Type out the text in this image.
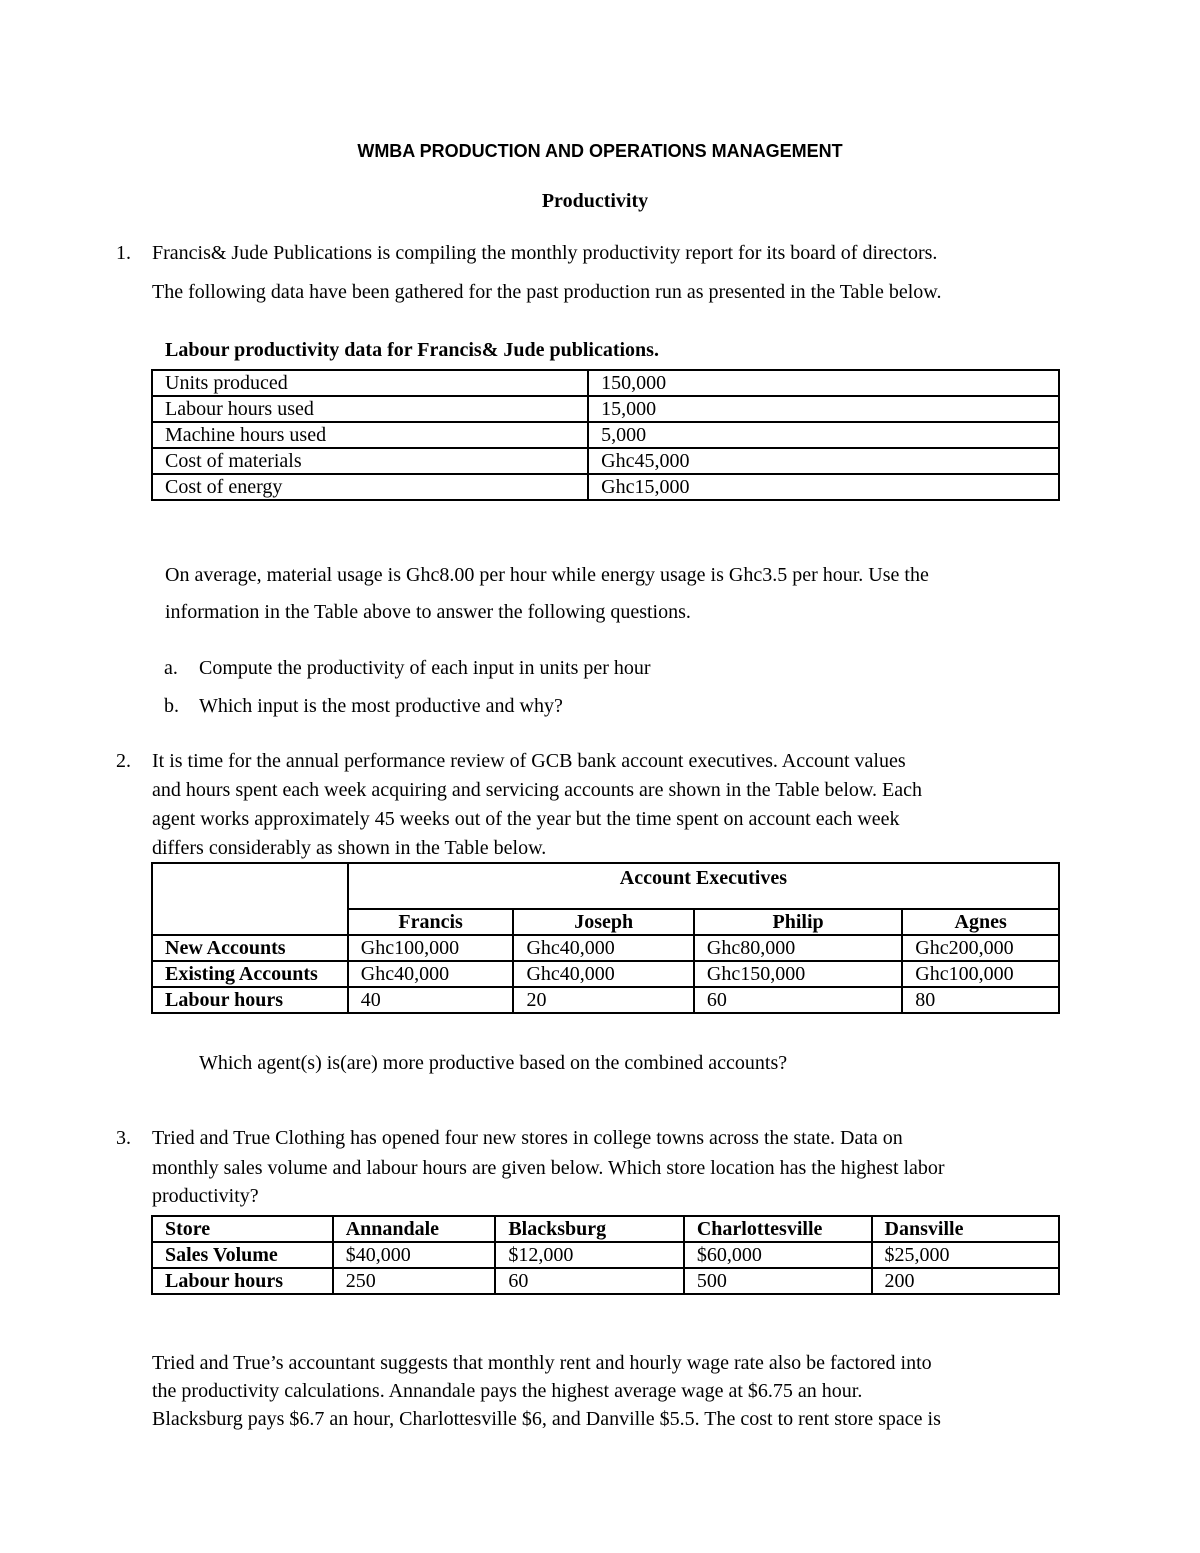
WMBA PRODUCTION AND OPERATIONS MANAGEMENT
Productivity
1. Francis& Jude Publications is compiling the monthly productivity report for its board of directors.
The following data have been gathered for the past production run as presented in the Table below.
Labour productivity data for Francis& Jude publications.
Units produced	150,000
Labour hours used	15,000
Machine hours used	5,000
Cost of materials	Ghc45,000
Cost of energy	Ghc15,000
On average, material usage is Ghc8.00 per hour while energy usage is Ghc3.5 per hour. Use the
information in the Table above to answer the following questions.
a. Compute the productivity of each input in units per hour
b. Which input is the most productive and why?
2. It is time for the annual performance review of GCB bank account executives. Account values
and hours spent each week acquiring and servicing accounts are shown in the Table below. Each
agent works approximately 45 weeks out of the year but the time spent on account each week
differs considerably as shown in the Table below.
	Account Executives			
	Francis	Joseph	Philip	Agnes
New Accounts	Ghc100,000	Ghc40,000	Ghc80,000	Ghc200,000
Existing Accounts	Ghc40,000	Ghc40,000	Ghc150,000	Ghc100,000
Labour hours	40	20	60	80
Which agent(s) is(are) more productive based on the combined accounts?
3. Tried and True Clothing has opened four new stores in college towns across the state. Data on
monthly sales volume and labour hours are given below. Which store location has the highest labor
productivity?
Store	Annandale	Blacksburg	Charlottesville	Dansville
Sales Volume	$40,000	$12,000	$60,000	$25,000
Labour hours	250	60	500	200
Tried and True’s accountant suggests that monthly rent and hourly wage rate also be factored into
the productivity calculations. Annandale pays the highest average wage at $6.75 an hour.
Blacksburg pays $6.7 an hour, Charlottesville $6, and Danville $5.5. The cost to rent store space is
